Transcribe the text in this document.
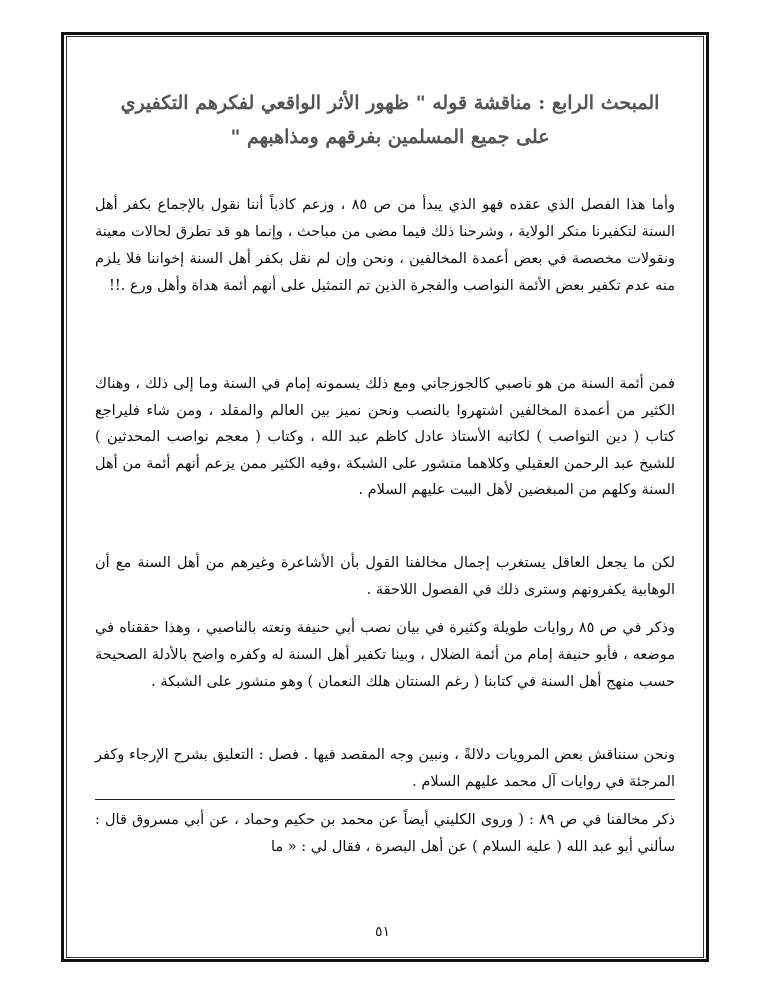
المبحث الرابع : مناقشة قوله " ظهور الأثر الواقعي لفكرهم التكفيري على جميع المسلمين بفرقهم ومذاهبهم "
وأما هذا الفصل الذي عقده فهو الذي يبدأ من ص ٨٥ ، وزعم كاذباً أننا نقول بالإجماع بكفر أهل السنة لتكفيرنا منكر الولاية ، وشرحنا ذلك فيما مضى من مباحث ، وإنما هو قد تطرق لحالات معينة ونقولات مخصصة في بعض أعمدة المخالفين ، ونحن وإن لم نقل بكفر أهل السنة إخواننا فلا يلزم منه عدم تكفير بعض الأئمة النواصب والفجرة الذين تم التمثيل على أنهم أئمة هداة وأهل ورع .!!
فمن أئمة السنة من هو ناصبي كالجوزجاني ومع ذلك يسمونه إمام في السنة وما إلى ذلك ، وهناك الكثير من أعمدة المخالفين اشتهروا بالنصب ونحن نميز بين العالم والمقلد ، ومن شاء فليراجع كتاب ( دين النواصب ) لكاتبه الأستاذ عادل كاظم عبد الله ، وكتاب ( معجم نواصب المحدثين ) للشيخ عبد الرحمن العقيلي وكلاهما منشور على الشبكة ،وفيه الكثير ممن يزعم أنهم أئمة من أهل السنة وكلهم من المبغضين لأهل البيت عليهم السلام .
لكن ما يجعل العاقل يستغرب إجمال مخالفنا القول بأن الأشاعرة وغيرهم من أهل السنة مع أن الوهابية يكفرونهم وسترى ذلك في الفصول اللاحقة .
وذكر في ص ٨٥ روايات طويلة وكثيرة في بيان نصب أبي حنيفة ونعته بالناصبي ، وهذا حققناه في موضعه ، فأبو حنيفة إمام من أئمة الضلال ، وبينا تكفير أهل السنة له وكفره واضح بالأدلة الصحيحة حسب منهج أهل السنة في كتابنا ( رغم السنتان هلك النعمان ) وهو منشور على الشبكة .
ونحن سنناقش بعض المرويات دلالةً ، ونبين وجه المقصد فيها . فصل : التعليق بشرح الإرجاء وكفر المرجئة في روايات آل محمد عليهم السلام .
ذكر مخالفنا في ص ٨٩ : ( وروى الكليني أيضاً عن محمد بن حكيم وحماد ، عن أبي مسروق قال : سألني أبو عبد الله ( عليه السلام ) عن أهل البصرة ، فقال لي : « ما
٥١
